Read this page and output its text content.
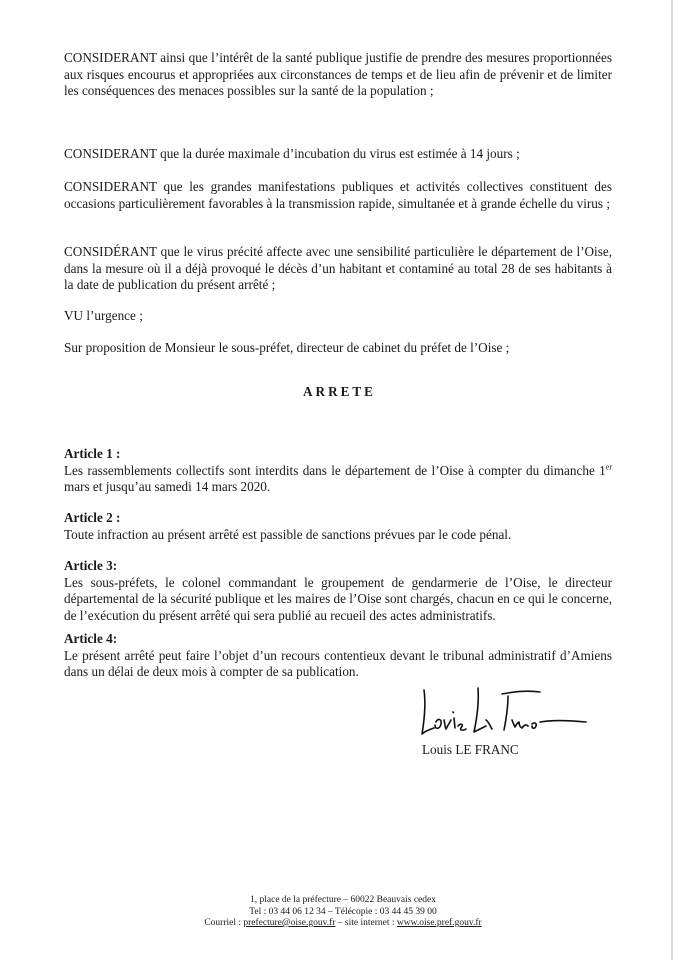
CONSIDERANT ainsi que l’intérêt de la santé publique justifie de prendre des mesures proportionnées aux risques encourus et appropriées aux circonstances de temps et de lieu afin de prévenir et de limiter les conséquences des menaces possibles sur la santé de la population ;

CONSIDERANT que la durée maximale d’incubation du virus est estimée à 14 jours ;

CONSIDERANT que les grandes manifestations publiques et activités collectives constituent des occasions particulièrement favorables à la transmission rapide, simultanée et à grande échelle du virus ;

CONSIDÉRANT que le virus précité affecte avec une sensibilité particulière le département de l’Oise, dans la mesure où il a déjà provoqué le décès d’un habitant et contaminé au total 28 de ses habitants à la date de publication du présent arrêté ;

VU l’urgence ;

Sur proposition de Monsieur le sous-préfet, directeur de cabinet du préfet de l’Oise ;

ARRETE
Article 1 :
Les rassemblements collectifs sont interdits dans le département de l’Oise à compter du dimanche 1er mars et jusqu’au samedi 14 mars 2020.
Article 2 :
Toute infraction au présent arrêté est passible de sanctions prévues par le code pénal.
Article 3:
Les sous-préfets, le colonel commandant le groupement de gendarmerie de l’Oise, le directeur départemental de la sécurité publique et les maires de l’Oise sont chargés, chacun en ce qui le concerne, de l’exécution du présent arrêté qui sera publié au recueil des actes administratifs.
Article 4:
Le présent arrêté peut faire l’objet d’un recours contentieux devant le tribunal administratif d’Amiens dans un délai de deux mois à compter de sa publication.
Louis LE FRANC
1, place de la préfecture – 60022 Beauvais cedex
Tel : 03 44 06 12 34 – Télécopie : 03 44 45 39 00
Courriel : prefecture@oise.gouv.fr – site internet : www.oise.pref.gouv.fr
